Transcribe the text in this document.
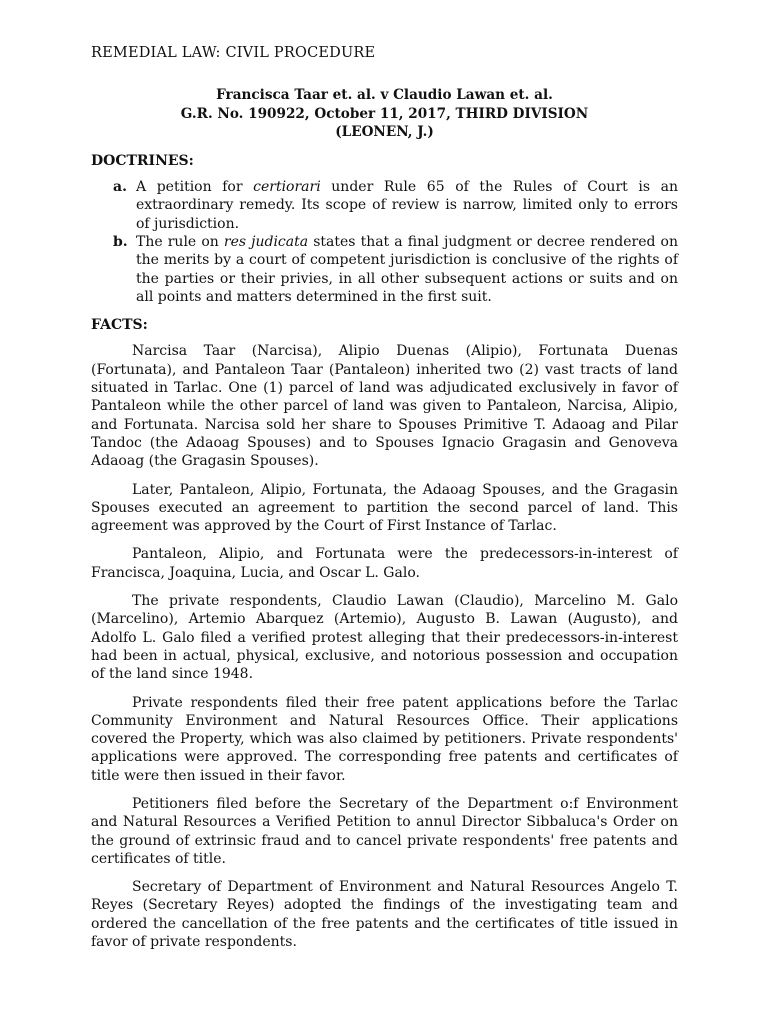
REMEDIAL LAW: CIVIL PROCEDURE
Francisca Taar et. al. v Claudio Lawan et. al.
G.R. No. 190922, October 11, 2017, THIRD DIVISION
(LEONEN, J.)
DOCTRINES:
a. A petition for certiorari under Rule 65 of the Rules of Court is an extraordinary remedy. Its scope of review is narrow, limited only to errors of jurisdiction.
b. The rule on res judicata states that a final judgment or decree rendered on the merits by a court of competent jurisdiction is conclusive of the rights of the parties or their privies, in all other subsequent actions or suits and on all points and matters determined in the first suit.
FACTS:

Narcisa Taar (Narcisa), Alipio Duenas (Alipio), Fortunata Duenas (Fortunata), and Pantaleon Taar (Pantaleon) inherited two (2) vast tracts of land situated in Tarlac. One (1) parcel of land was adjudicated exclusively in favor of Pantaleon while the other parcel of land was given to Pantaleon, Narcisa, Alipio, and Fortunata. Narcisa sold her share to Spouses Primitive T. Adaoag and Pilar Tandoc (the Adaoag Spouses) and to Spouses Ignacio Gragasin and Genoveva Adaoag (the Gragasin Spouses).

Later, Pantaleon, Alipio, Fortunata, the Adaoag Spouses, and the Gragasin Spouses executed an agreement to partition the second parcel of land. This agreement was approved by the Court of First Instance of Tarlac.

Pantaleon, Alipio, and Fortunata were the predecessors-in-interest of Francisca, Joaquina, Lucia, and Oscar L. Galo.

The private respondents, Claudio Lawan (Claudio), Marcelino M. Galo (Marcelino), Artemio Abarquez (Artemio), Augusto B. Lawan (Augusto), and Adolfo L. Galo filed a verified protest alleging that their predecessors-in-interest had been in actual, physical, exclusive, and notorious possession and occupation of the land since 1948.

Private respondents filed their free patent applications before the Tarlac Community Environment and Natural Resources Office. Their applications covered the Property, which was also claimed by petitioners. Private respondents' applications were approved. The corresponding free patents and certificates of title were then issued in their favor.

Petitioners filed before the Secretary of the Department o:f Environment and Natural Resources a Verified Petition to annul Director Sibbaluca's Order on the ground of extrinsic fraud and to cancel private respondents' free patents and certificates of title.

Secretary of Department of Environment and Natural Resources Angelo T. Reyes (Secretary Reyes) adopted the findings of the investigating team and ordered the cancellation of the free patents and the certificates of title issued in favor of private respondents.
